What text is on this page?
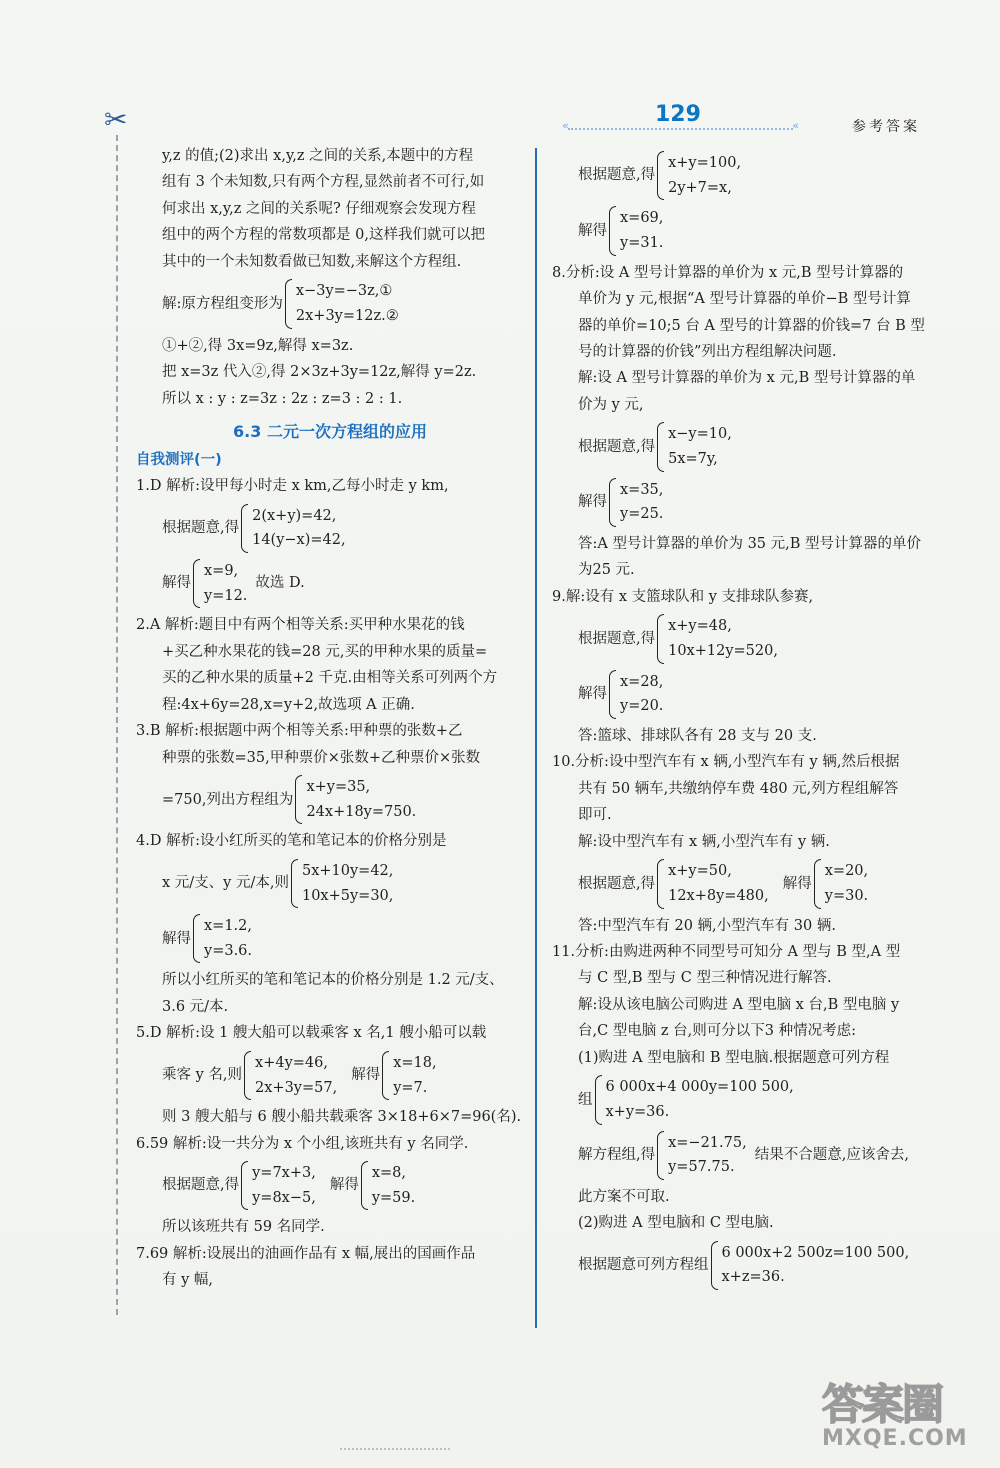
✂	129
«	«	参考答案

y,z 的值;(2)求出 x,y,z 之间的关系,本题中的方程

组有 3 个未知数,只有两个方程,显然前者不可行,如

何求出 x,y,z 之间的关系呢? 仔细观察会发现方程

组中的两个方程的常数项都是 0,这样我们就可以把

其中的一个未知数看做已知数,来解这个方程组.

解:原方程组变形为
x−3y=−3z,①
2x+3y=12z.②

①+②,得 3x=9z,解得 x=3z.

把 x=3z 代入②,得 2×3z+3y=12z,解得 y=2z.

所以 x : y : z=3z : 2z : z=3 : 2 : 1.

6.3 二元一次方程组的应用
自我测评(一)

1.D 解析:设甲每小时走 x km,乙每小时走 y km,

根据题意,得
2(x+y)=42,
14(y−x)=42,
解得
x=9,
y=12.
故选 D.

2.A 解析:题目中有两个相等关系:买甲种水果花的钱

+买乙种水果花的钱=28 元,买的甲种水果的质量=

买的乙种水果的质量+2 千克.由相等关系可列两个方

程:4x+6y=28,x=y+2,故选项 A 正确.

3.B 解析:根据题中两个相等关系:甲种票的张数+乙

种票的张数=35,甲种票价×张数+乙种票价×张数

=750,列出方程组为
x+y=35,
24x+18y=750.

4.D 解析:设小红所买的笔和笔记本的价格分别是

x 元/支、y 元/本,则
5x+10y=42,
10x+5y=30,
解得
x=1.2,
y=3.6.

所以小红所买的笔和笔记本的价格分别是 1.2 元/支、

3.6 元/本.

5.D 解析:设 1 艘大船可以载乘客 x 名,1 艘小船可以载

乘客 y 名,则
x+4y=46,
2x+3y=57,
解得
x=18,
y=7.

则 3 艘大船与 6 艘小船共载乘客 3×18+6×7=96(名).

6.59 解析:设一共分为 x 个小组,该班共有 y 名同学.

根据题意,得
y=7x+3,
y=8x−5,
解得
x=8,
y=59.

所以该班共有 59 名同学.

7.69 解析:设展出的油画作品有 x 幅,展出的国画作品

有 y 幅,

根据题意,得
x+y=100,
2y+7=x,
解得
x=69,
y=31.

8.分析:设 A 型号计算器的单价为 x 元,B 型号计算器的

单价为 y 元,根据“A 型号计算器的单价−B 型号计算

器的单价=10;5 台 A 型号的计算器的价钱=7 台 B 型

号的计算器的价钱”列出方程组解决问题.

解:设 A 型号计算器的单价为 x 元,B 型号计算器的单

价为 y 元,

根据题意,得
x−y=10,
5x=7y,
解得
x=35,
y=25.

答:A 型号计算器的单价为 35 元,B 型号计算器的单价

为25 元.

9.解:设有 x 支篮球队和 y 支排球队参赛,

根据题意,得
x+y=48,
10x+12y=520,
解得
x=28,
y=20.

答:篮球、排球队各有 28 支与 20 支.

10.分析:设中型汽车有 x 辆,小型汽车有 y 辆,然后根据

共有 50 辆车,共缴纳停车费 480 元,列方程组解答

即可.

解:设中型汽车有 x 辆,小型汽车有 y 辆.

根据题意,得
x+y=50,
12x+8y=480,
解得
x=20,
y=30.

答:中型汽车有 20 辆,小型汽车有 30 辆.

11.分析:由购进两种不同型号可知分 A 型与 B 型,A 型

与 C 型,B 型与 C 型三种情况进行解答.

解:设从该电脑公司购进 A 型电脑 x 台,B 型电脑 y

台,C 型电脑 z 台,则可分以下3 种情况考虑:

(1)购进 A 型电脑和 B 型电脑.根据题意可列方程

组
6 000x+4 000y=100 500,
x+y=36.
解方程组,得
x=−21.75,
y=57.75.
结果不合题意,应该舍去,

此方案不可取.

(2)购进 A 型电脑和 C 型电脑.

根据题意可列方程组
6 000x+2 500z=100 500,
x+z=36.
答案圈
MXQE.COM
